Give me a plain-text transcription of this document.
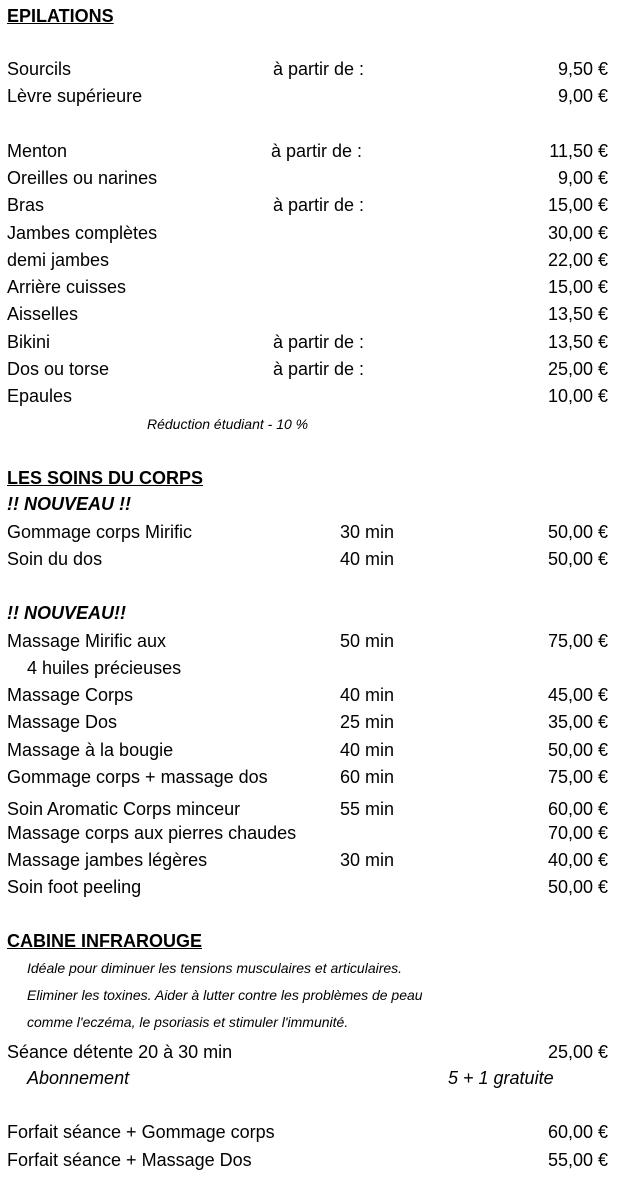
EPILATIONS
Sourcils	à partir de :	9,50 €
Lèvre supérieure	9,00 €
Menton	à partir de :	11,50 €
Oreilles ou narines	9,00 €
Bras	à partir de :	15,00 €
Jambes complètes	30,00 €
demi jambes	22,00 €
Arrière cuisses	15,00 €
Aisselles	13,50 €
Bikini	à partir de :	13,50 €
Dos ou torse	à partir de :	25,00 €
Epaules	10,00 €
Réduction étudiant - 10 %
LES SOINS DU CORPS
!! NOUVEAU !!
Gommage corps Mirific	30 min	50,00 €
Soin du dos	40 min	50,00 €
!! NOUVEAU!!
Massage Mirific aux	50 min	75,00 €
4 huiles précieuses
Massage Corps	40 min	45,00 €
Massage Dos	25 min	35,00 €
Massage à la bougie	40 min	50,00 €
Gommage corps + massage dos	60 min	75,00 €
Soin Aromatic Corps minceur	55 min	60,00 €
Massage corps aux pierres chaudes	70,00 €
Massage jambes légères	30 min	40,00 €
Soin foot peeling	50,00 €
CABINE INFRAROUGE
Idéale pour diminuer les tensions musculaires et articulaires.
Eliminer les toxines. Aider à lutter contre les problèmes de peau
comme l'eczéma, le psoriasis et stimuler l'immunité.
Séance détente 20 à 30 min	25,00 €
Abonnement	5 + 1 gratuite
Forfait séance + Gommage corps	60,00 €
Forfait séance + Massage Dos	55,00 €
